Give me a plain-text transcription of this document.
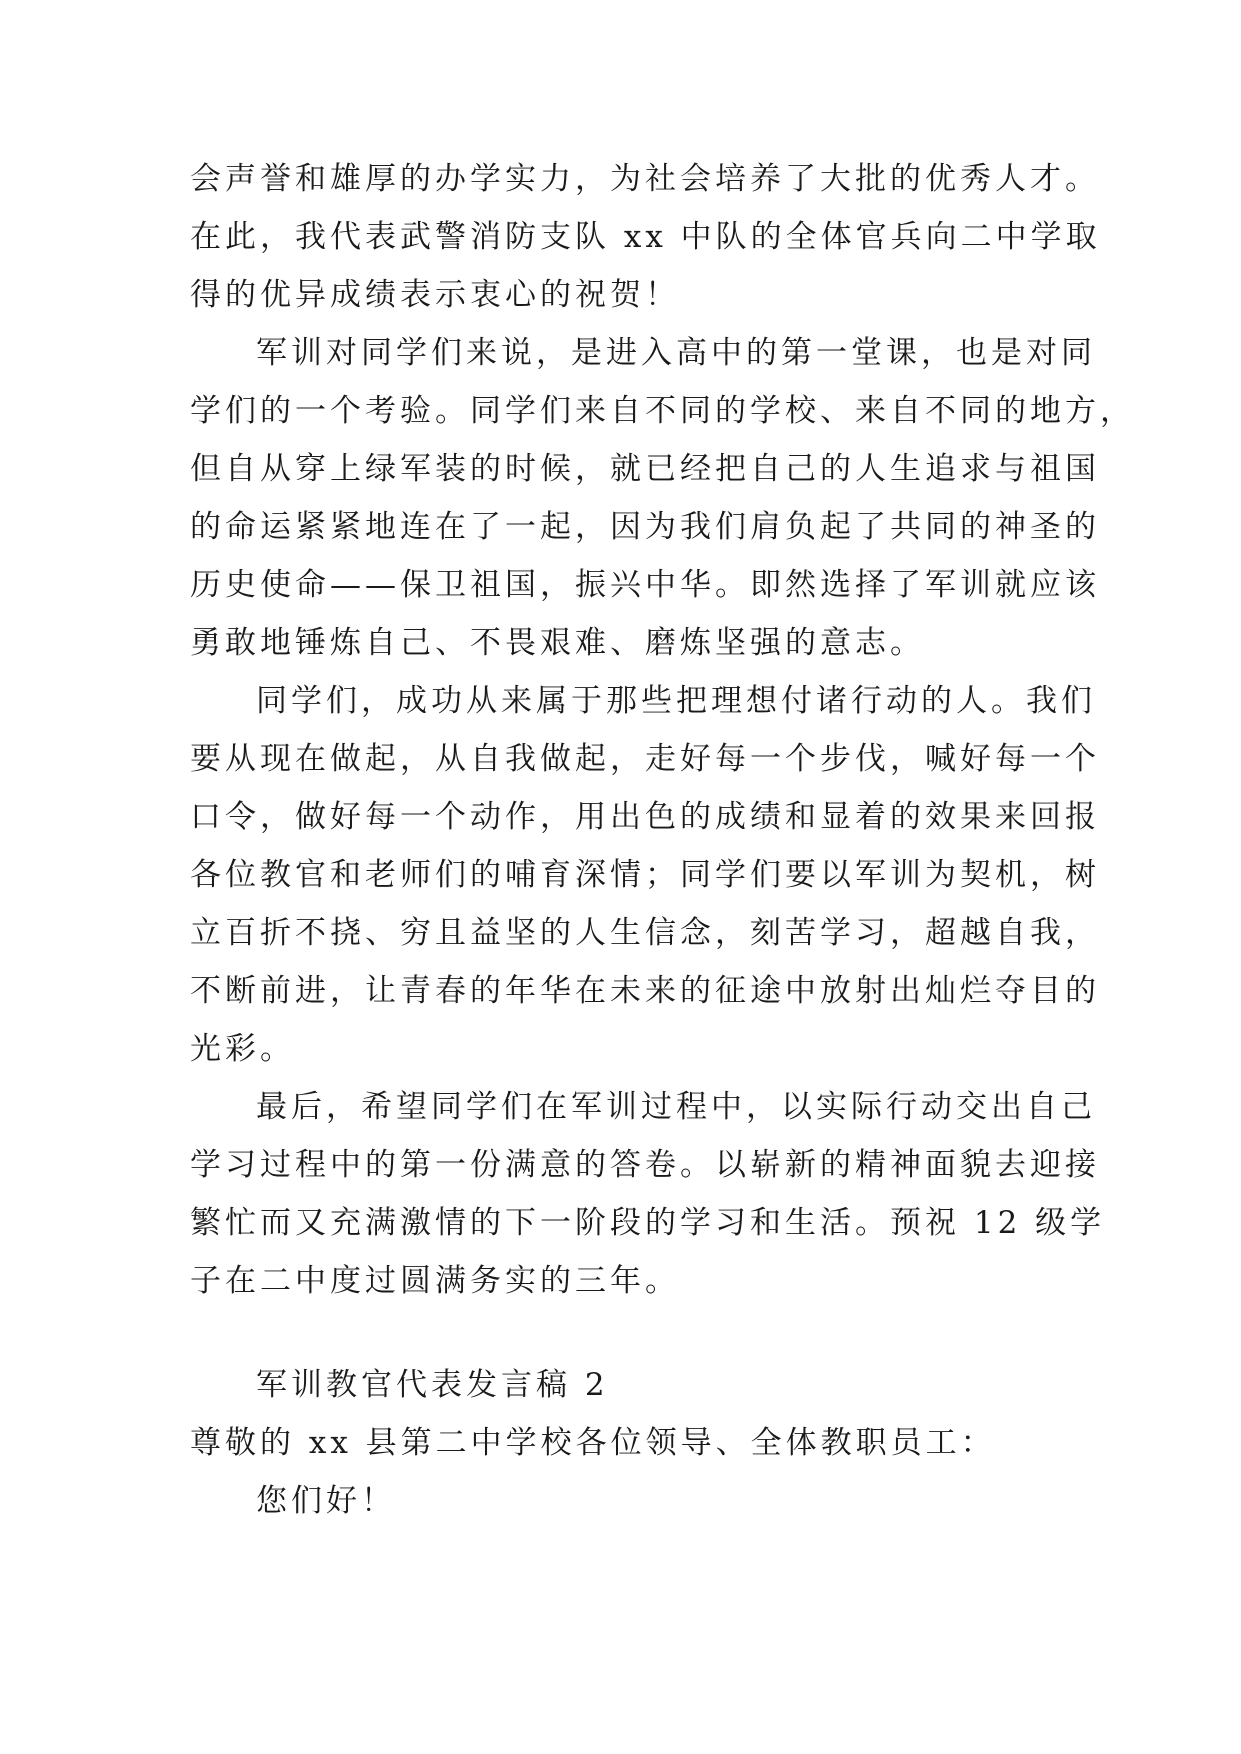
会声誉和雄厚的办学实力，为社会培养了大批的优秀人才。
在此，我代表武警消防支队 xx 中队的全体官兵向二中学取
得的优异成绩表示衷心的祝贺！
军训对同学们来说，是进入高中的第一堂课，也是对同
学们的一个考验。同学们来自不同的学校、来自不同的地方，
但自从穿上绿军装的时候，就已经把自己的人生追求与祖国
的命运紧紧地连在了一起，因为我们肩负起了共同的神圣的
历史使命——保卫祖国，振兴中华。即然选择了军训就应该
勇敢地锤炼自己、不畏艰难、磨炼坚强的意志。
同学们，成功从来属于那些把理想付诸行动的人。我们
要从现在做起，从自我做起，走好每一个步伐，喊好每一个
口令，做好每一个动作，用出色的成绩和显着的效果来回报
各位教官和老师们的哺育深情；同学们要以军训为契机，树
立百折不挠、穷且益坚的人生信念，刻苦学习，超越自我，
不断前进，让青春的年华在未来的征途中放射出灿烂夺目的
光彩。
最后，希望同学们在军训过程中，以实际行动交出自己
学习过程中的第一份满意的答卷。以崭新的精神面貌去迎接
繁忙而又充满激情的下一阶段的学习和生活。预祝 12 级学
子在二中度过圆满务实的三年。
军训教官代表发言稿 2
尊敬的 xx 县第二中学校各位领导、全体教职员工：
您们好！
